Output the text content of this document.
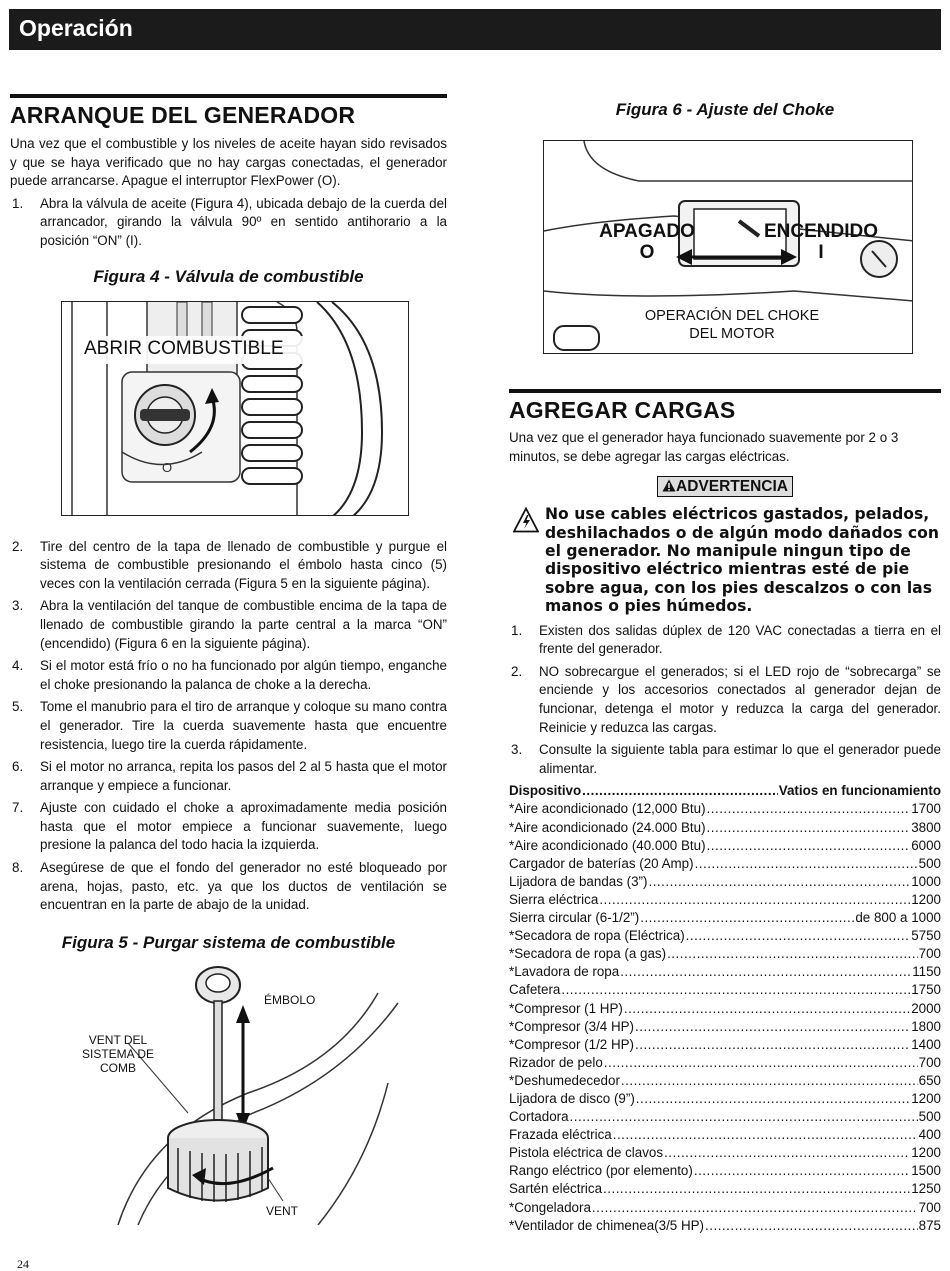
Operación
ARRANQUE DEL GENERADOR

Una vez que el combustible y los niveles de aceite hayan sido revisados y que se haya verificado que no hay cargas conectadas, el generador puede arrancarse. Apague el interruptor FlexPower (O).

1. Abra la válvula de aceite (Figura 4), ubicada debajo de la cuerda del arrancador, girando la válvula 90º en sentido antihorario a la posición “ON” (I).
Figura 4 - Válvula de combustible
O
ABRIR COMBUSTIBLE
2. Tire del centro de la tapa de llenado de combustible y purgue el sistema de combustible presionando el émbolo hasta cinco (5) veces con la ventilación cerrada (Figura 5 en la siguiente página).
3. Abra la ventilación del tanque de combustible encima de la tapa de llenado de combustible girando la parte central a la marca “ON” (encendido) (Figura 6 en la siguiente página).
4. Si el motor está frío o no ha funcionado por algún tiempo, enganche el choke presionando la palanca de choke a la derecha.
5. Tome el manubrio para el tiro de arranque y coloque su mano contra el generador. Tire la cuerda suavemente hasta que encuentre resistencia, luego tire la cuerda rápidamente.
6. Si el motor no arranca, repita los pasos del 2 al 5 hasta que el motor arranque y empiece a funcionar.
7. Ajuste con cuidado el choke a aproximadamente media posición hasta que el motor empiece a funcionar suavemente, luego presione la palanca del todo hacia la izquierda.
8. Asegúrese de que el fondo del generador no esté bloqueado por arena, hojas, pasto, etc. ya que los ductos de ventilación se encuentran en la parte de abajo de la unidad.
Figura 5 - Purgar sistema de combustible
ÉMBOLO
VENT DEL
SISTEMA DE
COMB
VENT
Figura 6 - Ajuste del Choke
APAGADO
O
ENCENDIDO
I
OPERACIÓN DEL CHOKE
DEL MOTOR
AGREGAR CARGAS

Una vez que el generador haya funcionado suavemente por 2 o 3 minutos, se debe agregar las cargas eléctricas.

ADVERTENCIA
No use cables eléctricos gastados, pelados, deshilachados o de algún modo dañados con el generador. No manipule ningun tipo de dispositivo eléctrico mientras esté de pie sobre agua, con los pies descalzos o con las manos o pies húmedos.
1. Existen dos salidas dúplex de 120 VAC conectadas a tierra en el frente del generador.
2. NO sobrecargue el generados; si el LED rojo de “sobrecarga” se enciende y los accesorios conectados al generador dejan de funcionar, detenga el motor y reduzca la carga del generador. Reinicie y reduzca las cargas.
3. Consulte la siguiente tabla para estimar lo que el generador puede alimentar.
Dispositivo .....	Vatios en funcionamiento
*Aire acondicionado (12,000 Btu) .....	1700
*Aire acondicionado (24.000 Btu) .....	3800
*Aire acondicionado (40.000 Btu) .....	6000
Cargador de baterías (20 Amp) .....	500
Lijadora de bandas (3”) .....	1000
Sierra eléctrica .....	1200
Sierra circular (6-1/2”) .....	de 800 a 1000
*Secadora de ropa (Eléctrica) .....	5750
*Secadora de ropa (a gas) .....	700
*Lavadora de ropa .....	1150
Cafetera .....	1750
*Compresor (1 HP) .....	2000
*Compresor (3/4 HP) .....	1800
*Compresor (1/2 HP) .....	1400
Rizador de pelo .....	700
*Deshumedecedor .....	650
Lijadora de disco (9”) .....	1200
Cortadora .....	500
Frazada eléctrica .....	400
Pistola eléctrica de clavos .....	1200
Rango eléctrico (por elemento) .....	1500
Sartén eléctrica .....	1250
*Congeladora .....	700
*Ventilador de chimenea(3/5 HP) .....	875
24
